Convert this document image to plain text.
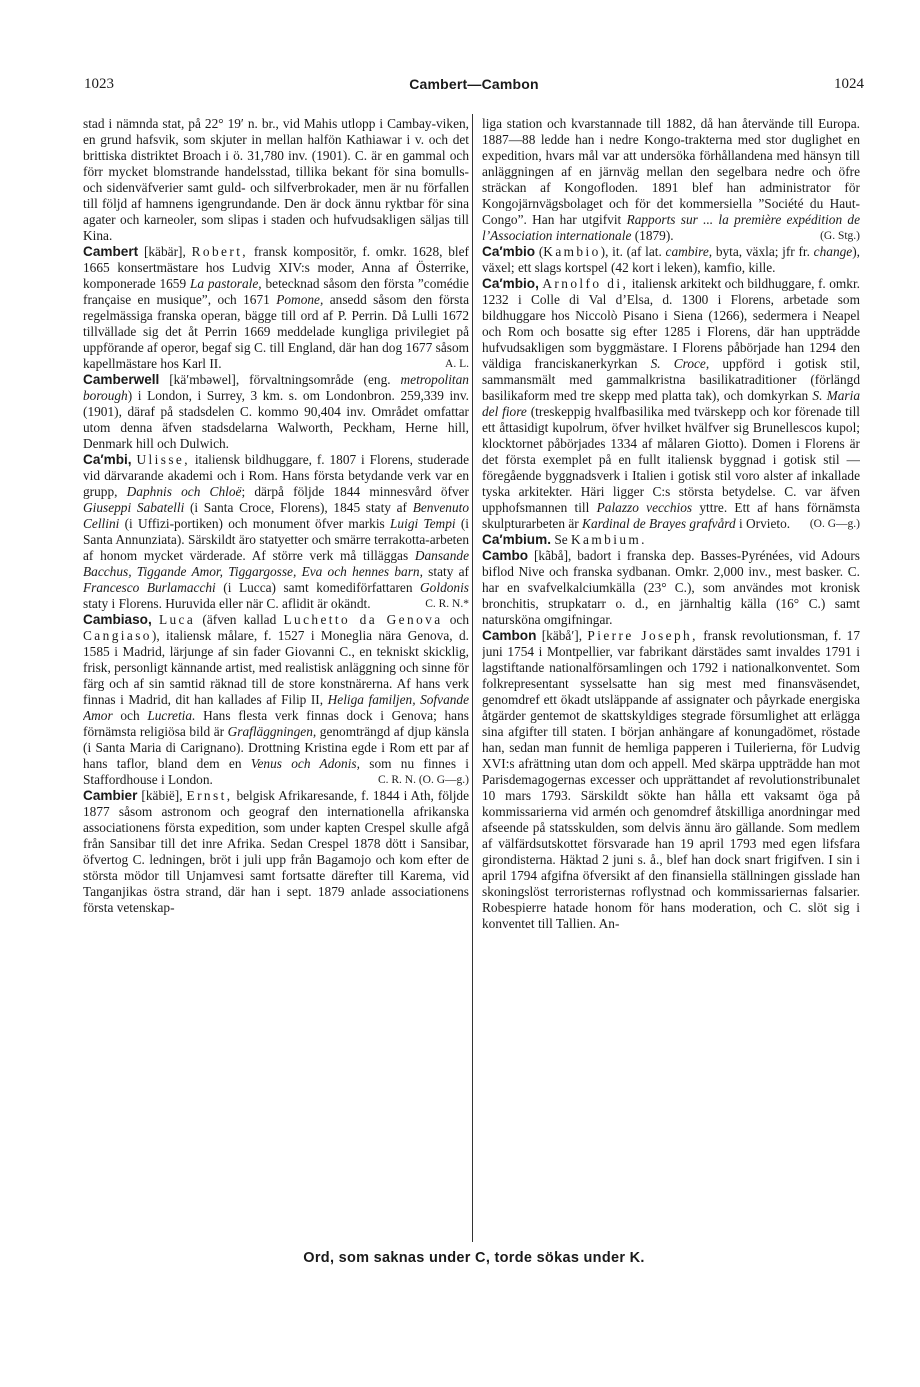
1023	Cambert—Cambon	1024

stad i nämnda stat, på 22° 19′ n. br., vid Mahis utlopp i Cambay-viken, en grund hafsvik, som skjuter in mellan halfön Kathiawar i v. och det brittiska distriktet Broach i ö. 31,780 inv. (1901). C. är en gammal och förr mycket blomstrande handelsstad, tillika bekant för sina bomulls- och sidenväfverier samt guld- och silfverbrokader, men är nu förfallen till följd af hamnens igengrundande. Den är dock ännu ryktbar för sina agater och karneoler, som slipas i staden och hufvudsakligen säljas till Kina.

Cambert [käbär], Robert, fransk kompositör, f. omkr. 1628, blef 1665 konsertmästare hos Ludvig XIV:s moder, Anna af Österrike, komponerade 1659 La pastorale, betecknad såsom den första ”comédie française en musique”, och 1671 Pomone, ansedd såsom den första regelmässiga franska operan, bägge till ord af P. Perrin. Då Lulli 1672 tillvällade sig det åt Perrin 1669 meddelade kungliga privilegiet på uppförande af operor, begaf sig C. till England, där han dog 1677 såsom kapellmästare hos Karl II.	A. L.

Camberwell [kä′mbəwel], förvaltningsområde (eng. metropolitan borough) i London, i Surrey, 3 km. s. om Londonbron. 259,339 inv. (1901), däraf på stadsdelen C. kommo 90,404 inv. Området omfattar utom denna äfven stadsdelarna Walworth, Peckham, Herne hill, Denmark hill och Dulwich.

Ca′mbi, Ulisse, italiensk bildhuggare, f. 1807 i Florens, studerade vid därvarande akademi och i Rom. Hans första betydande verk var en grupp, Daphnis och Chloë; därpå följde 1844 minnesvård öfver Giuseppi Sabatelli (i Santa Croce, Florens), 1845 staty af Benvenuto Cellini (i Uffizi-portiken) och monument öfver markis Luigi Tempi (i Santa Annunziata). Särskildt äro statyetter och smärre terrakotta-arbeten af honom mycket värderade. Af större verk må tilläggas Dansande Bacchus, Tiggande Amor, Tiggargosse, Eva och hennes barn, staty af Francesco Burlamacchi (i Lucca) samt komediförfattaren Goldonis staty i Florens. Huruvida eller när C. aflidit är okändt.	C. R. N.*

Cambiaso, Luca (äfven kallad Luchetto da Genova och Cangiaso), italiensk målare, f. 1527 i Moneglia nära Genova, d. 1585 i Madrid, lärjunge af sin fader Giovanni C., en tekniskt skicklig, frisk, personligt kännande artist, med realistisk anläggning och sinne för färg och af sin samtid räknad till de store konstnärerna. Af hans verk finnas i Madrid, dit han kallades af Filip II, Heliga familjen, Sofvande Amor och Lucretia. Hans flesta verk finnas dock i Genova; hans förnämsta religiösa bild är Grafläggningen, genomträngd af djup känsla (i Santa Maria di Carignano). Drottning Kristina egde i Rom ett par af hans taflor, bland dem en Venus och Adonis, som nu finnes i Staffordhouse i London.	C. R. N. (O. G—g.)

Cambier [käbië], Ernst, belgisk Afrikaresande, f. 1844 i Ath, följde 1877 såsom astronom och geograf den internationella afrikanska associationens första expedition, som under kapten Crespel skulle afgå från Sansibar till det inre Afrika. Sedan Crespel 1878 dött i Sansibar, öfvertog C. ledningen, bröt i juli upp från Bagamojo och kom efter de största mödor till Unjamvesi samt fortsatte därefter till Karema, vid Tanganjikas östra strand, där han i sept. 1879 anlade associationens första vetenskap-

liga station och kvarstannade till 1882, då han återvände till Europa. 1887—88 ledde han i nedre Kongo-trakterna med stor duglighet en expedition, hvars mål var att undersöka förhållandena med hänsyn till anläggningen af en järnväg mellan den segelbara nedre och öfre sträckan af Kongofloden. 1891 blef han administrator för Kongojärnvägsbolaget och för det kommersiella ”Société du Haut-Congo”. Han har utgifvit Rapports sur ... la première expédition de l’Association internationale (1879).	(G. Stg.)

Ca′mbio (Kambio), it. (af lat. cambire, byta, växla; jfr fr. change), växel; ett slags kortspel (42 kort i leken), kamfio, kille.

Ca′mbio, Arnolfo di, italiensk arkitekt och bildhuggare, f. omkr. 1232 i Colle di Val d’Elsa, d. 1300 i Florens, arbetade som bildhuggare hos Niccolò Pisano i Siena (1266), sedermera i Neapel och Rom och bosatte sig efter 1285 i Florens, där han uppträdde hufvudsakligen som byggmästare. I Florens påbörjade han 1294 den väldiga franciskanerkyrkan S. Croce, uppförd i gotisk stil, sammansmält med gammalkristna basilikatraditioner (förlängd basilikaform med tre skepp med platta tak), och domkyrkan S. Maria del fiore (treskeppig hvalfbasilika med tvärskepp och kor förenade till ett åttasidigt kupolrum, öfver hvilket hvälfver sig Brunellescos kupol; klocktornet påbörjades 1334 af målaren Giotto). Domen i Florens är det första exemplet på en fullt italiensk byggnad i gotisk stil — föregående byggnadsverk i Italien i gotisk stil voro alster af inkallade tyska arkitekter. Häri ligger C:s största betydelse. C. var äfven upphofsmannen till Palazzo vecchios yttre. Ett af hans förnämsta skulpturarbeten är Kardinal de Brayes grafvård i Orvieto. (O. G—g.)

Ca′mbium. Se Kambium.

Cambo [kãbå], badort i franska dep. Basses-Pyrénées, vid Adours biflod Nive och franska sydbanan. Omkr. 2,000 inv., mest basker. C. har en svafvelkalciumkälla (23° C.), som användes mot kronisk bronchitis, strupkatarr o. d., en järnhaltig källa (16° C.) samt natursköna omgifningar.

Cambon [käbå′], Pierre Joseph, fransk revolutionsman, f. 17 juni 1754 i Montpellier, var fabrikant därstädes samt invaldes 1791 i lagstiftande nationalförsamlingen och 1792 i nationalkonventet. Som folkrepresentant sysselsatte han sig mest med finansväsendet, genomdref ett ökadt utsläppande af assignater och påyrkade energiska åtgärder gentemot de skattskyldiges stegrade försumlighet att erlägga sina afgifter till staten. I början anhängare af konungadömet, röstade han, sedan man funnit de hemliga papperen i Tuilerierna, för Ludvig XVI:s afrättning utan dom och appell. Med skärpa uppträdde han mot Parisdemagogernas excesser och upprättandet af revolutionstribunalet 10 mars 1793. Särskildt sökte han hålla ett vaksamt öga på kommissarierna vid armén och genomdref åtskilliga anordningar med afseende på statsskulden, som delvis ännu äro gällande. Som medlem af välfärdsutskottet försvarade han 19 april 1793 med egen lifsfara girondisterna. Häktad 2 juni s. å., blef han dock snart frigifven. I sin i april 1794 afgifna öfversikt af den finansiella ställningen gisslade han skoningslöst terroristernas roflystnad och kommissariernas falsarier. Robespierre hatade honom för hans moderation, och C. slöt sig i konventet till Tallien. An-

Ord, som saknas under C, torde sökas under K.
